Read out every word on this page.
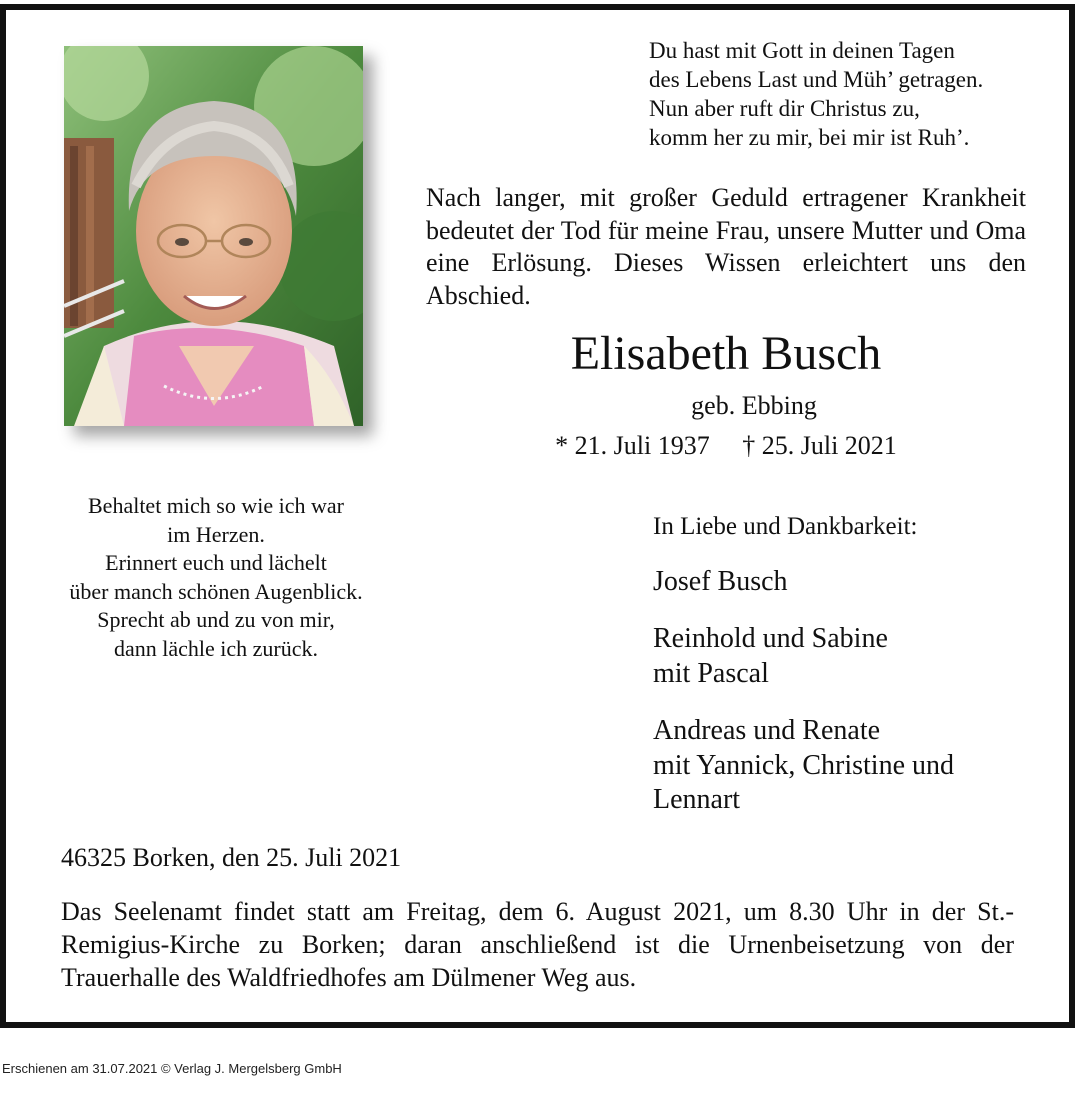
Du hast mit Gott in deinen Tagen
des Lebens Last und Müh’ getragen.
Nun aber ruft dir Christus zu,
komm her zu mir, bei mir ist Ruh’.
Nach langer, mit großer Geduld ertragener Krankheit bedeutet der Tod für meine Frau, unsere Mutter und Oma eine Erlösung. Dieses Wissen erleichtert uns den Abschied.
Elisabeth Busch
geb. Ebbing
* 21. Juli 1937     † 25. Juli 2021
Behaltet mich so wie ich war
im Herzen.
Erinnert euch und lächelt
über manch schönen Augenblick.
Sprecht ab und zu von mir,
dann lächle ich zurück.
In Liebe und Dankbarkeit:
Josef Busch
Reinhold und Sabine
mit Pascal
Andreas und Renate
mit Yannick, Christine und
Lennart
46325 Borken, den 25. Juli 2021
Das Seelenamt findet statt am Freitag, dem 6. August 2021, um 8.30 Uhr in der St.-Remigius-Kirche zu Borken; daran anschließend ist die Urnenbeisetzung von der Trauerhalle des Waldfriedhofes am Dülmener Weg aus.
Erschienen am 31.07.2021 © Verlag J. Mergelsberg GmbH
